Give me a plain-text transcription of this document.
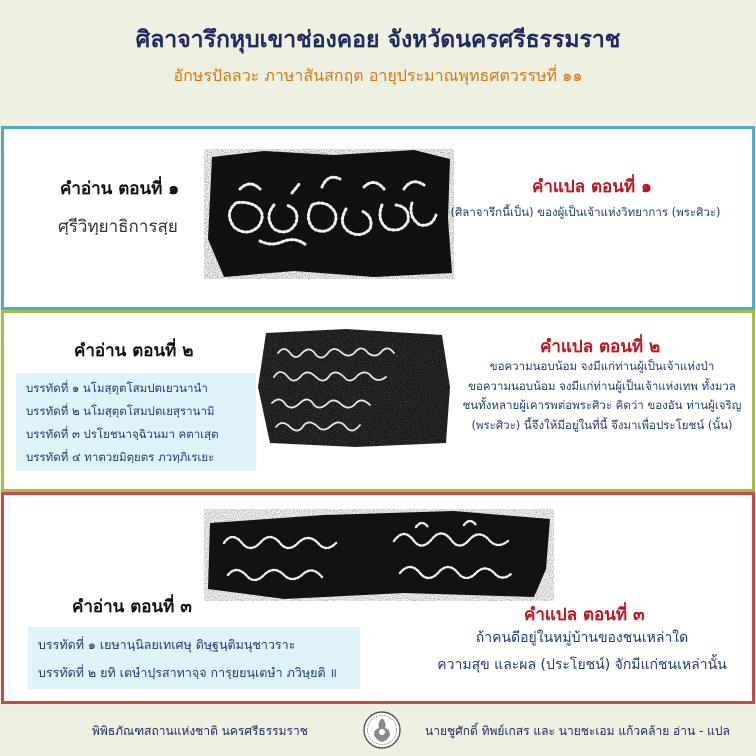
ศิลาจารึกหุบเขาช่องคอย จังหวัดนครศรีธรรมราช
อักษรปัลลวะ ภาษาสันสกฤต อายุประมาณพุทธศตวรรษที่ ๑๑
คำอ่าน ตอนที่ ๑
ศฺรีวิทฺยาธิการสฺย
คำแปล ตอนที่ ๑
(ศิลาจารึกนี้เป็น) ของผู้เป็นเจ้าแห่งวิทยาการ (พระศิวะ)
คำอ่าน ตอนที่ ๒
บรรทัดที่ ๑ นโมสฺตุตโสมปตเยวนานำ
บรรทัดที่ ๒ นโมสฺตุตโสมปตเยสุรานามิ
บรรทัดที่ ๓ ปรโยชนาจฺฉิวนมา คตาเสฺต
บรรทัดที่ ๔ ทาตวยมิตฺยตร ภวทฺภิเรเยะ
คำแปล ตอนที่ ๒
ขอความนอบน้อม จงมีแก่ท่านผู้เป็นเจ้าแห่งป่า
ขอความนอบน้อม จงมีแก่ท่านผู้เป็นเจ้าแห่งเทพ ทั้งมวล
ชนทั้งหลายผู้เคารพต่อพระศิวะ คิดว่า ของอัน ท่านผู้เจริญ
(พระศิวะ) นี้จึงให้มีอยู่ในที่นี้ จึงมาเพื่อประโยชน์ (นั้น)
คำอ่าน ตอนที่ ๓
บรรทัดที่ ๑ เยษานฺนิลยเทเศษุ ดิษฺฐนฺติมนุชาวราะ
บรรทัดที่ ๒ ยทิ เตษำปฺรสาทาจฺจ การฺยยนฺเตษำ ภวิษฺยติ ॥
คำแปล ตอนที่ ๓
ถ้าคนดีอยู่ในหมู่บ้านของชนเหล่าใด
ความสุข และผล (ประโยชน์) จักมีแก่ชนเหล่านั้น
พิพิธภัณฑสถานแห่งชาติ นครศรีธรรมราช	นายชูศักดิ์ ทิพย์เกสร และ นายชะเอม แก้วคล้าย อ่าน - แปล
